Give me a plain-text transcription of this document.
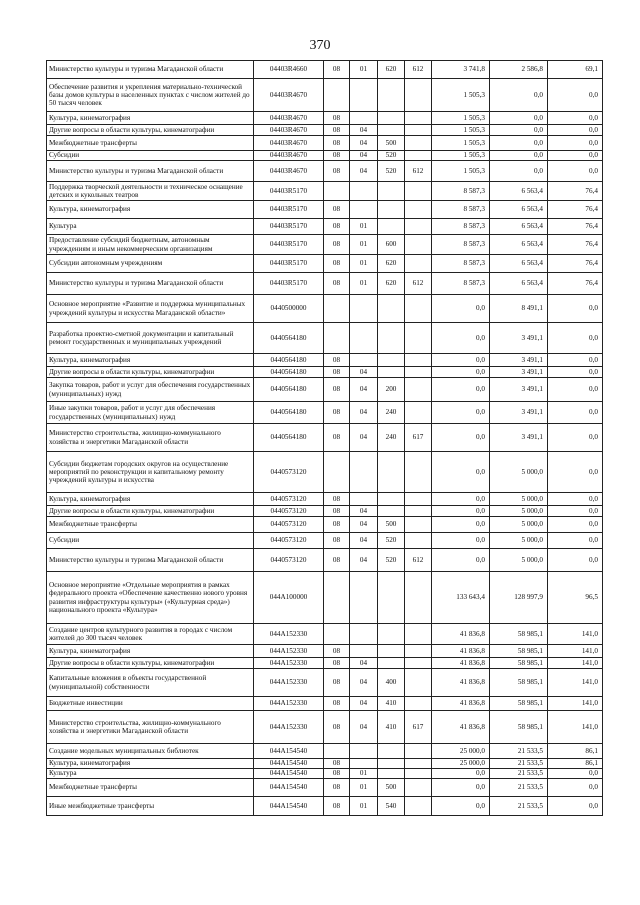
370
Министерство культуры и туризма Магаданской области	04403R4660	08	01	620	612	3 741,8	2 586,8	69,1
Обеспечение развития и укрепления материально-технической базы домов культуры в населенных пунктах с числом жителей до 50 тысяч человек	04403R4670					1 505,3	0,0	0,0
Культура, кинематография	04403R4670	08				1 505,3	0,0	0,0
Другие вопросы в области культуры, кинематографии	04403R4670	08	04			1 505,3	0,0	0,0
Межбюджетные трансферты	04403R4670	08	04	500		1 505,3	0,0	0,0
Субсидии	04403R4670	08	04	520		1 505,3	0,0	0,0
Министерство культуры и туризма Магаданской области	04403R4670	08	04	520	612	1 505,3	0,0	0,0
Поддержка творческой деятельности и техническое оснащение детских и кукольных театров	04403R5170					8 587,3	6 563,4	76,4
Культура, кинематография	04403R5170	08				8 587,3	6 563,4	76,4
Культура	04403R5170	08	01			8 587,3	6 563,4	76,4
Предоставление субсидий бюджетным, автономным учреждениям и иным некоммерческим организациям	04403R5170	08	01	600		8 587,3	6 563,4	76,4
Субсидии автономным учреждениям	04403R5170	08	01	620		8 587,3	6 563,4	76,4
Министерство культуры и туризма Магаданской области	04403R5170	08	01	620	612	8 587,3	6 563,4	76,4
Основное мероприятие «Развитие и поддержка муниципальных учреждений культуры и искусства Магаданской области»	0440500000					0,0	8 491,1	0,0
Разработка проектно-сметной документации и капитальный ремонт государственных и муниципальных учреждений	0440564180					0,0	3 491,1	0,0
Культура, кинематография	0440564180	08				0,0	3 491,1	0,0
Другие вопросы в области культуры, кинематографии	0440564180	08	04			0,0	3 491,1	0,0
Закупка товаров, работ и услуг для обеспечения государственных (муниципальных) нужд	0440564180	08	04	200		0,0	3 491,1	0,0
Иные закупки товаров, работ и услуг для обеспечения государственных (муниципальных) нужд	0440564180	08	04	240		0,0	3 491,1	0,0
Министерство строительства, жилищно-коммунального хозяйства и энергетики Магаданской области	0440564180	08	04	240	617	0,0	3 491,1	0,0
Субсидии бюджетам городских округов на осуществление мероприятий по реконструкции и капитальному ремонту учреждений культуры и искусства	0440573120					0,0	5 000,0	0,0
Культура, кинематография	0440573120	08				0,0	5 000,0	0,0
Другие вопросы в области культуры, кинематографии	0440573120	08	04			0,0	5 000,0	0,0
Межбюджетные трансферты	0440573120	08	04	500		0,0	5 000,0	0,0
Субсидии	0440573120	08	04	520		0,0	5 000,0	0,0
Министерство культуры и туризма Магаданской области	0440573120	08	04	520	612	0,0	5 000,0	0,0
Основное мероприятие «Отдельные мероприятия в рамках федерального проекта «Обеспечение качественно нового уровня развития инфраструктуры культуры» («Культурная среда») национального проекта «Культура»	044A100000					133 643,4	128 997,9	96,5
Создание центров культурного развития в городах с числом жителей до 300 тысяч человек	044A152330					41 836,8	58 985,1	141,0
Культура, кинематография	044A152330	08				41 836,8	58 985,1	141,0
Другие вопросы в области культуры, кинематографии	044A152330	08	04			41 836,8	58 985,1	141,0
Капитальные вложения в объекты государственной (муниципальной) собственности	044A152330	08	04	400		41 836,8	58 985,1	141,0
Бюджетные инвестиции	044A152330	08	04	410		41 836,8	58 985,1	141,0
Министерство строительства, жилищно-коммунального хозяйства и энергетики Магаданской области	044A152330	08	04	410	617	41 836,8	58 985,1	141,0
Создание модельных муниципальных библиотек	044A154540					25 000,0	21 533,5	86,1
Культура, кинематография	044A154540	08				25 000,0	21 533,5	86,1
Культура	044A154540	08	01			0,0	21 533,5	0,0
Межбюджетные трансферты	044A154540	08	01	500		0,0	21 533,5	0,0
Иные межбюджетные трансферты	044A154540	08	01	540		0,0	21 533,5	0,0
